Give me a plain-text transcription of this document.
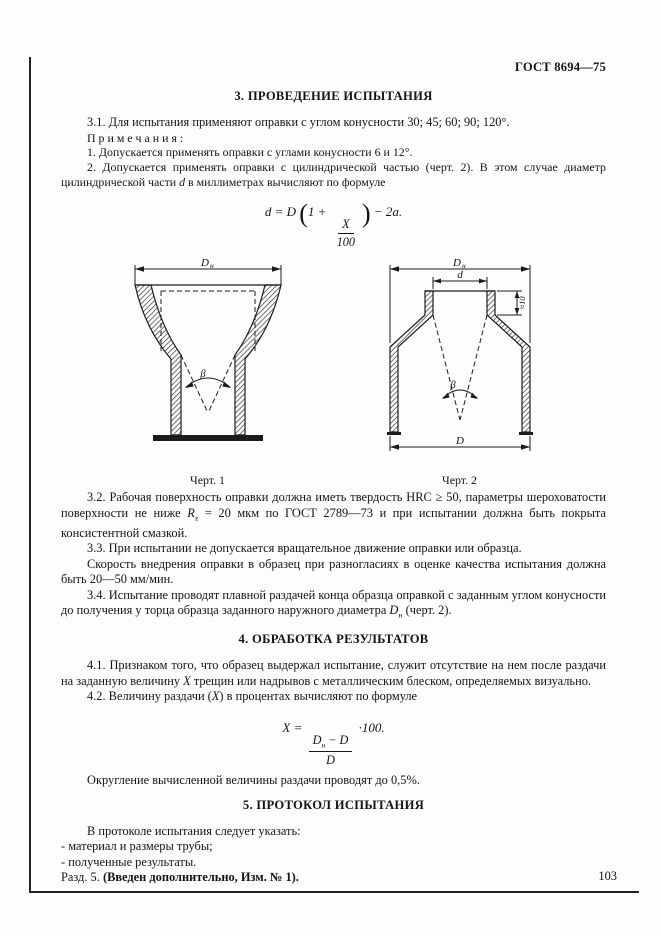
ГОСТ 8694—75
3. ПРОВЕДЕНИЕ ИСПЫТАНИЯ

3.1. Для испытания применяют оправки с углом конусности 30; 45; 60; 90; 120°.

П р и м е ч а н и я :

1. Допускается применять оправки с углами конусности 6 и 12°.

2. Допускается применять оправки с цилиндрической частью (черт. 2). В этом случае диаметр цилиндрической части d в миллиметрах вычисляют по формуле

d = D (1 +
$\frac{X}{100}$
) − 2a.
D н
β
Черт. 1
D н
d
≈10
β
D
Черт. 2

3.2. Рабочая поверхность оправки должна иметь твердость HRC ≥ 50, параметры шероховатости поверхности не ниже $R_z = 20$ мкм по ГОСТ 2789—73 и при испытании должна быть покрыта консистентной смазкой.

3.3. При испытании не допускается вращательное движение оправки или образца.

Скорость внедрения оправки в образец при разногласиях в оценке качества испытания должна быть 20—50 мм/мин.

3.4. Испытание проводят плавной раздачей конца образца оправкой с заданным углом конусности до получения у торца образца заданного наружного диаметра $D_н$ (черт. 2).

4. ОБРАБОТКА РЕЗУЛЬТАТОВ

4.1. Признаком того, что образец выдержал испытание, служит отсутствие на нем после раздачи на заданную величину X трещин или надрывов с металлическим блеском, определяемых визуально.

4.2. Величину раздачи (X) в процентах вычисляют по формуле

X =
$\frac{D_н - D}{D}$
·100.

Округление вычисленной величины раздачи проводят до 0,5%.

5. ПРОТОКОЛ ИСПЫТАНИЯ

В протоколе испытания следует указать:

- материал и размеры трубы;

- полученные результаты.

Разд. 5. (Введен дополнительно, Изм. № 1).	103
